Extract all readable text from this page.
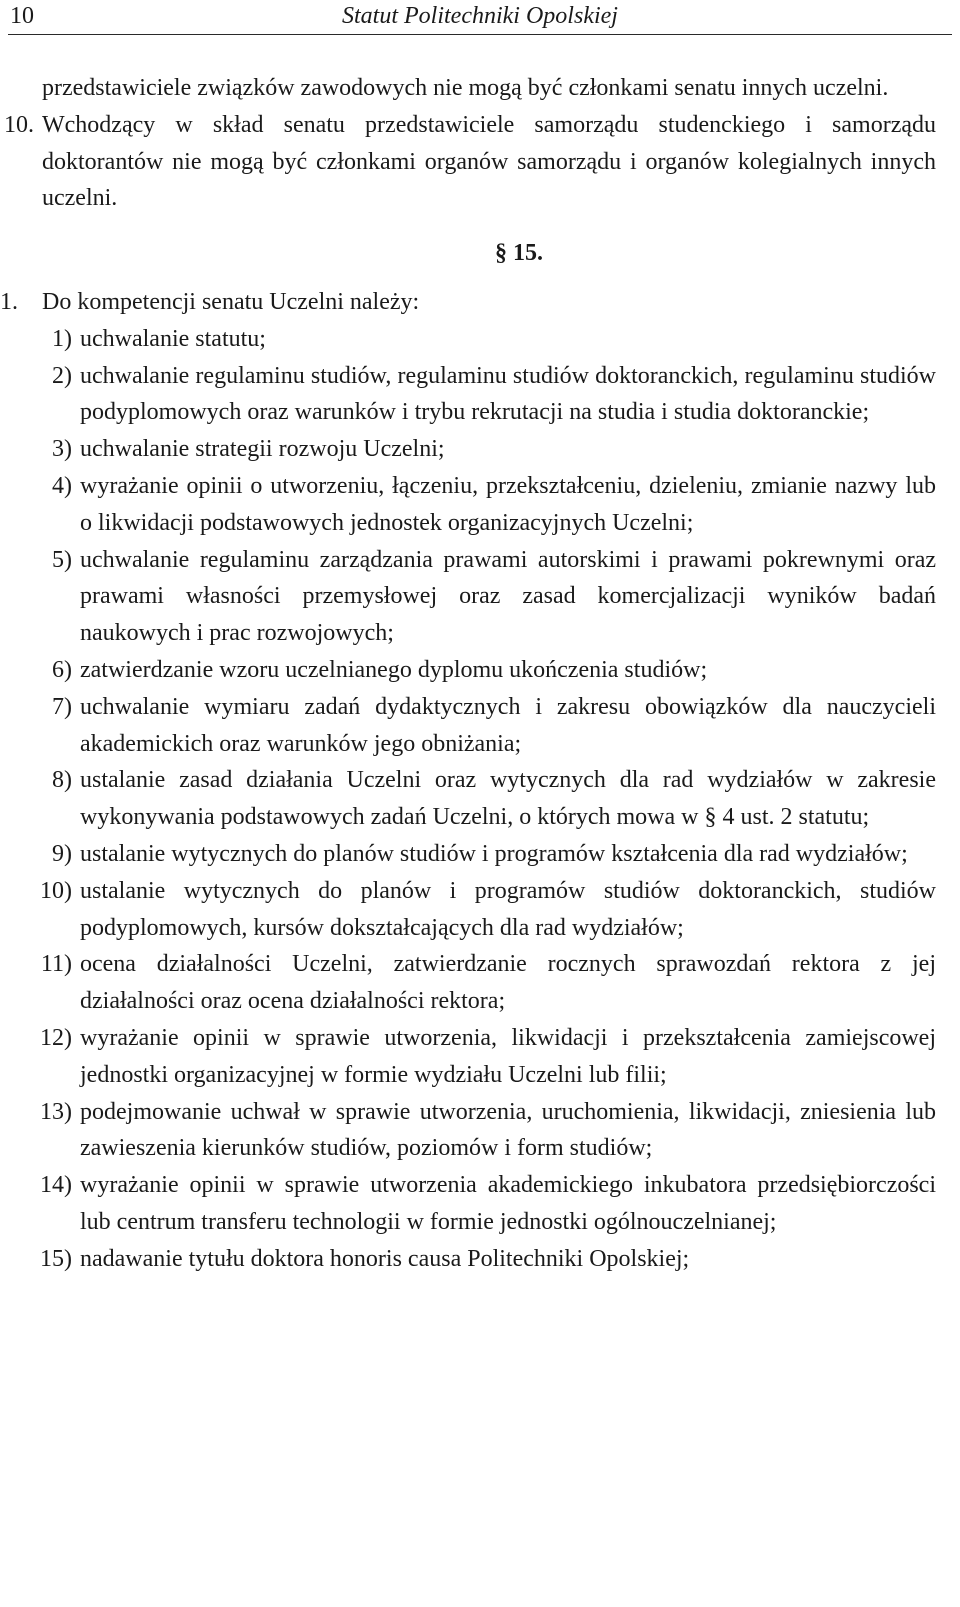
10	Statut Politechniki Opolskiej

przedstawiciele związków zawodowych nie mogą być członkami senatu innych uczelni.

10. Wchodzący w skład senatu przedstawiciele samorządu studenckiego i samorządu doktorantów nie mogą być członkami organów samorządu i organów kolegialnych innych uczelni.

§ 15.

1. Do kompetencji senatu Uczelni należy:

1) uchwalanie statutu;
2) uchwalanie regulaminu studiów, regulaminu studiów doktoranckich, regulaminu studiów podyplomowych oraz warunków i trybu rekrutacji na studia i studia doktoranckie;
3) uchwalanie strategii rozwoju Uczelni;
4) wyrażanie opinii o utworzeniu, łączeniu, przekształceniu, dzieleniu, zmianie nazwy lub o likwidacji podstawowych jednostek organizacyjnych Uczelni;
5) uchwalanie regulaminu zarządzania prawami autorskimi i prawami pokrewnymi oraz prawami własności przemysłowej oraz zasad komercjalizacji wyników badań naukowych i prac rozwojowych;
6) zatwierdzanie wzoru uczelnianego dyplomu ukończenia studiów;
7) uchwalanie wymiaru zadań dydaktycznych i zakresu obowiązków dla nauczycieli akademickich oraz warunków jego obniżania;
8) ustalanie zasad działania Uczelni oraz wytycznych dla rad wydziałów w zakresie wykonywania podstawowych zadań Uczelni, o których mowa w § 4 ust. 2 statutu;
9) ustalanie wytycznych do planów studiów i programów kształcenia dla rad wydziałów;
10) ustalanie wytycznych do planów i programów studiów doktoranckich, studiów podyplomowych, kursów dokształcających dla rad wydziałów;
11) ocena działalności Uczelni, zatwierdzanie rocznych sprawozdań rektora z jej działalności oraz ocena działalności rektora;
12) wyrażanie opinii w sprawie utworzenia, likwidacji i przekształcenia zamiejscowej jednostki organizacyjnej w formie wydziału Uczelni lub filii;
13) podejmowanie uchwał w sprawie utworzenia, uruchomienia, likwidacji, zniesienia lub zawieszenia kierunków studiów, poziomów i form studiów;
14) wyrażanie opinii w sprawie utworzenia akademickiego inkubatora przedsiębiorczości lub centrum transferu technologii w formie jednostki ogólnouczelnianej;
15) nadawanie tytułu doktora honoris causa Politechniki Opolskiej;
